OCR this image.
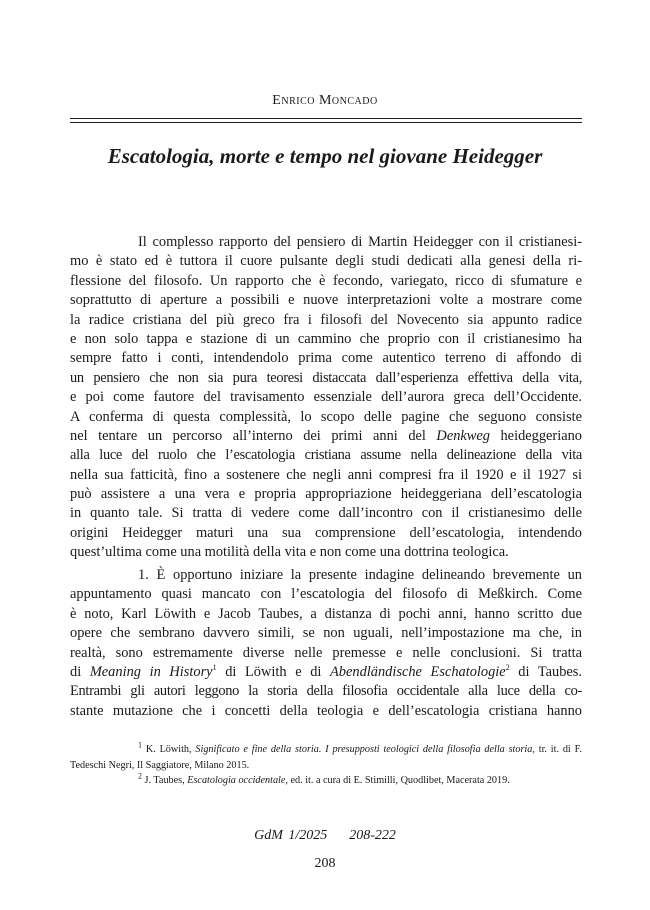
Enrico Moncado
Escatologia, morte e tempo nel giovane Heidegger
Il complesso rapporto del pensiero di Martin Heidegger con il cristianesi-
mo è stato ed è tuttora il cuore pulsante degli studi dedicati alla genesi della ri-
flessione del filosofo. Un rapporto che è fecondo, variegato, ricco di sfumature e
soprattutto di aperture a possibili e nuove interpretazioni volte a mostrare come
la radice cristiana del più greco fra i filosofi del Novecento sia appunto radice
e non solo tappa e stazione di un cammino che proprio con il cristianesimo ha
sempre fatto i conti, intendendolo prima come autentico terreno di affondo di
un pensiero che non sia pura teoresi distaccata dall’esperienza effettiva della vita,
e poi come fautore del travisamento essenziale dell’aurora greca dell’Occidente.
A conferma di questa complessità, lo scopo delle pagine che seguono consiste
nel tentare un percorso all’interno dei primi anni del Denkweg heideggeriano
alla luce del ruolo che l’escatologia cristiana assume nella delineazione della vita
nella sua fatticità, fino a sostenere che negli anni compresi fra il 1920 e il 1927 si
può assistere a una vera e propria appropriazione heideggeriana dell’escatologia
in quanto tale. Si tratta di vedere come dall’incontro con il cristianesimo delle
origini Heidegger maturi una sua comprensione dell’escatologia, intendendo
quest’ultima come una motilità della vita e non come una dottrina teologica.
1. È opportuno iniziare la presente indagine delineando brevemente un
appuntamento quasi mancato con l’escatologia del filosofo di Meßkirch. Come
è noto, Karl Löwith e Jacob Taubes, a distanza di pochi anni, hanno scritto due
opere che sembrano davvero simili, se non uguali, nell’impostazione ma che, in
realtà, sono estremamente diverse nelle premesse e nelle conclusioni. Si tratta
di Meaning in History$^1$ di Löwith e di Abendländische Eschatologie$^2$ di Taubes.
Entrambi gli autori leggono la storia della filosofia occidentale alla luce della co-
stante mutazione che i concetti della teologia e dell’escatologia cristiana hanno
$^1$ K. Löwith, Significato e fine della storia. I presupposti teologici della filosofia della storia, tr. it. di F.
Tedeschi Negri, Il Saggiatore, Milano 2015.
$^2$ J. Taubes, Escatologia occidentale, ed. it. a cura di E. Stimilli, Quodlibet, Macerata 2019.
GdM 1/2025 208-222
208
